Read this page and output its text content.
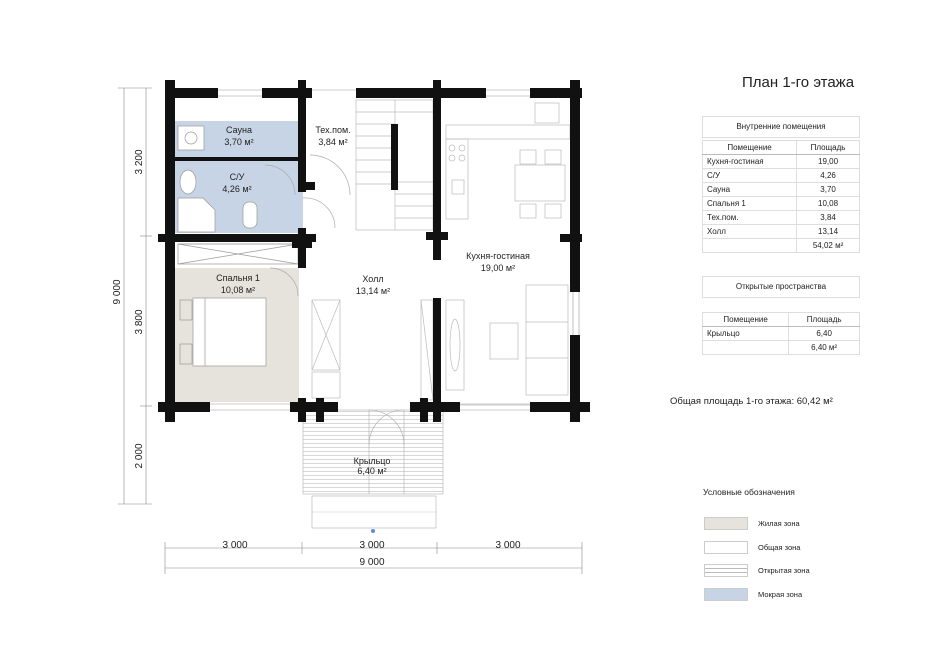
Сауна
3,70 м²
Тех.пом.
3,84 м²
С/У
4,26 м²
Спальня 1
10,08 м²
Холл
13,14 м²
Кухня-гостиная
19,00 м²
Крыльцо
6,40 м²
9 000
3 200
3 800
2 000
3 000	3 000	3 000
9 000
План 1-го этажа
Внутренние помещения
Помещение	Площадь
Кухня-гостиная	19,00
С/У	4,26
Сауна	3,70
Спальня 1	10,08
Тех.пом.	3,84
Холл	13,14
	54,02 м²
Открытые пространства
Помещение	Площадь
Крыльцо	6,40
	6,40 м²
Общая площадь 1-го этажа: 60,42 м²
Условные обозначения
Жилая зона
Общая зона
Открытая зона
Мокрая зона
